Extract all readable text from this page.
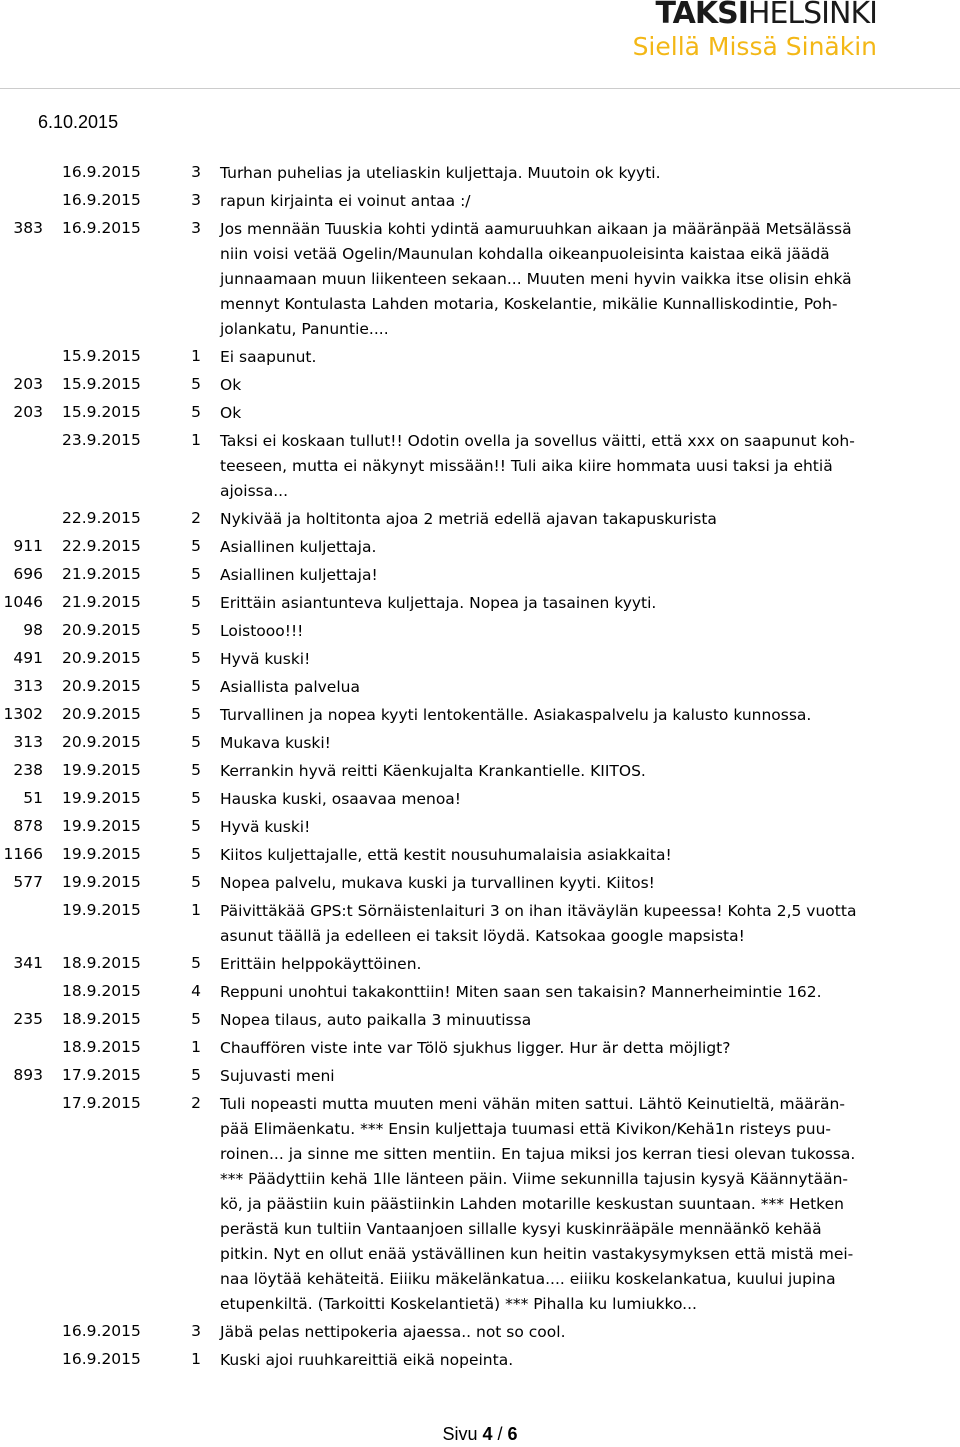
TAKSIHELSINKI
Siellä Missä Sinäkin
6.10.2015
16.9.2015	3	Turhan puhelias ja uteliaskin kuljettaja. Muutoin ok kyyti.
16.9.2015	3	rapun kirjainta ei voinut antaa :/
383 16.9.2015	3	Jos mennään Tuuskia kohti ydintä aamuruuhkan aikaan ja määränpää Metsälässä
niin voisi vetää Ogelin/Maunulan kohdalla oikeanpuoleisinta kaistaa eikä jäädä
junnaamaan muun liikenteen sekaan... Muuten meni hyvin vaikka itse olisin ehkä
mennyt Kontulasta Lahden motaria, Koskelantie, mikälie Kunnalliskodintie, Poh-
jolankatu, Panuntie....
15.9.2015	1	Ei saapunut.
203 15.9.2015	5	Ok
203 15.9.2015	5	Ok
23.9.2015	1	Taksi ei koskaan tullut!! Odotin ovella ja sovellus väitti, että xxx on saapunut koh-
teeseen, mutta ei näkynyt missään!! Tuli aika kiire hommata uusi taksi ja ehtiä
ajoissa...
22.9.2015	2	Nykivää ja holtitonta ajoa 2 metriä edellä ajavan takapuskurista
911 22.9.2015	5	Asiallinen kuljettaja.
696 21.9.2015	5	Asiallinen kuljettaja!
1046 21.9.2015	5	Erittäin asiantunteva kuljettaja. Nopea ja tasainen kyyti.
98 20.9.2015	5	Loistooo!!!
491 20.9.2015	5	Hyvä kuski!
313 20.9.2015	5	Asiallista palvelua
1302 20.9.2015	5	Turvallinen ja nopea kyyti lentokentälle. Asiakaspalvelu ja kalusto kunnossa.
313 20.9.2015	5	Mukava kuski!
238 19.9.2015	5	Kerrankin hyvä reitti Käenkujalta Krankantielle. KIITOS.
51 19.9.2015	5	Hauska kuski, osaavaa menoa!
878 19.9.2015	5	Hyvä kuski!
1166 19.9.2015	5	Kiitos kuljettajalle, että kestit nousuhumalaisia asiakkaita!
577 19.9.2015	5	Nopea palvelu, mukava kuski ja turvallinen kyyti. Kiitos!
19.9.2015	1	Päivittäkää GPS:t Sörnäistenlaituri 3 on ihan itäväylän kupeessa! Kohta 2,5 vuotta
asunut täällä ja edelleen ei taksit löydä. Katsokaa google mapsista!
341 18.9.2015	5	Erittäin helppokäyttöinen.
18.9.2015	4	Reppuni unohtui takakonttiin! Miten saan sen takaisin? Mannerheimintie 162.
235 18.9.2015	5	Nopea tilaus, auto paikalla 3 minuutissa
18.9.2015	1	Chauffören viste inte var Tölö sjukhus ligger. Hur är detta möjligt?
893 17.9.2015	5	Sujuvasti meni
17.9.2015	2	Tuli nopeasti mutta muuten meni vähän miten sattui. Lähtö Keinutieltä, määrän-
pää Elimäenkatu. *** Ensin kuljettaja tuumasi että Kivikon/Kehä1n risteys puu-
roinen... ja sinne me sitten mentiin. En tajua miksi jos kerran tiesi olevan tukossa.
*** Päädyttiin kehä 1lle länteen päin. Viime sekunnilla tajusin kysyä Käännytään-
kö, ja päästiin kuin päästiinkin Lahden motarille keskustan suuntaan. *** Hetken
perästä kun tultiin Vantaanjoen sillalle kysyi kuskinrääpäle mennäänkö kehää
pitkin. Nyt en ollut enää ystävällinen kun heitin vastakysymyksen että mistä mei-
naa löytää kehäteitä. Eiiiku mäkelänkatua.... eiiiku koskelankatua, kuului jupina
etupenkiltä. (Tarkoitti Koskelantietä) *** Pihalla ku lumiukko...
16.9.2015	3	Jäbä pelas nettipokeria ajaessa.. not so cool.
16.9.2015	1	Kuski ajoi ruuhkareittiä eikä nopeinta.
Sivu 4 / 6
